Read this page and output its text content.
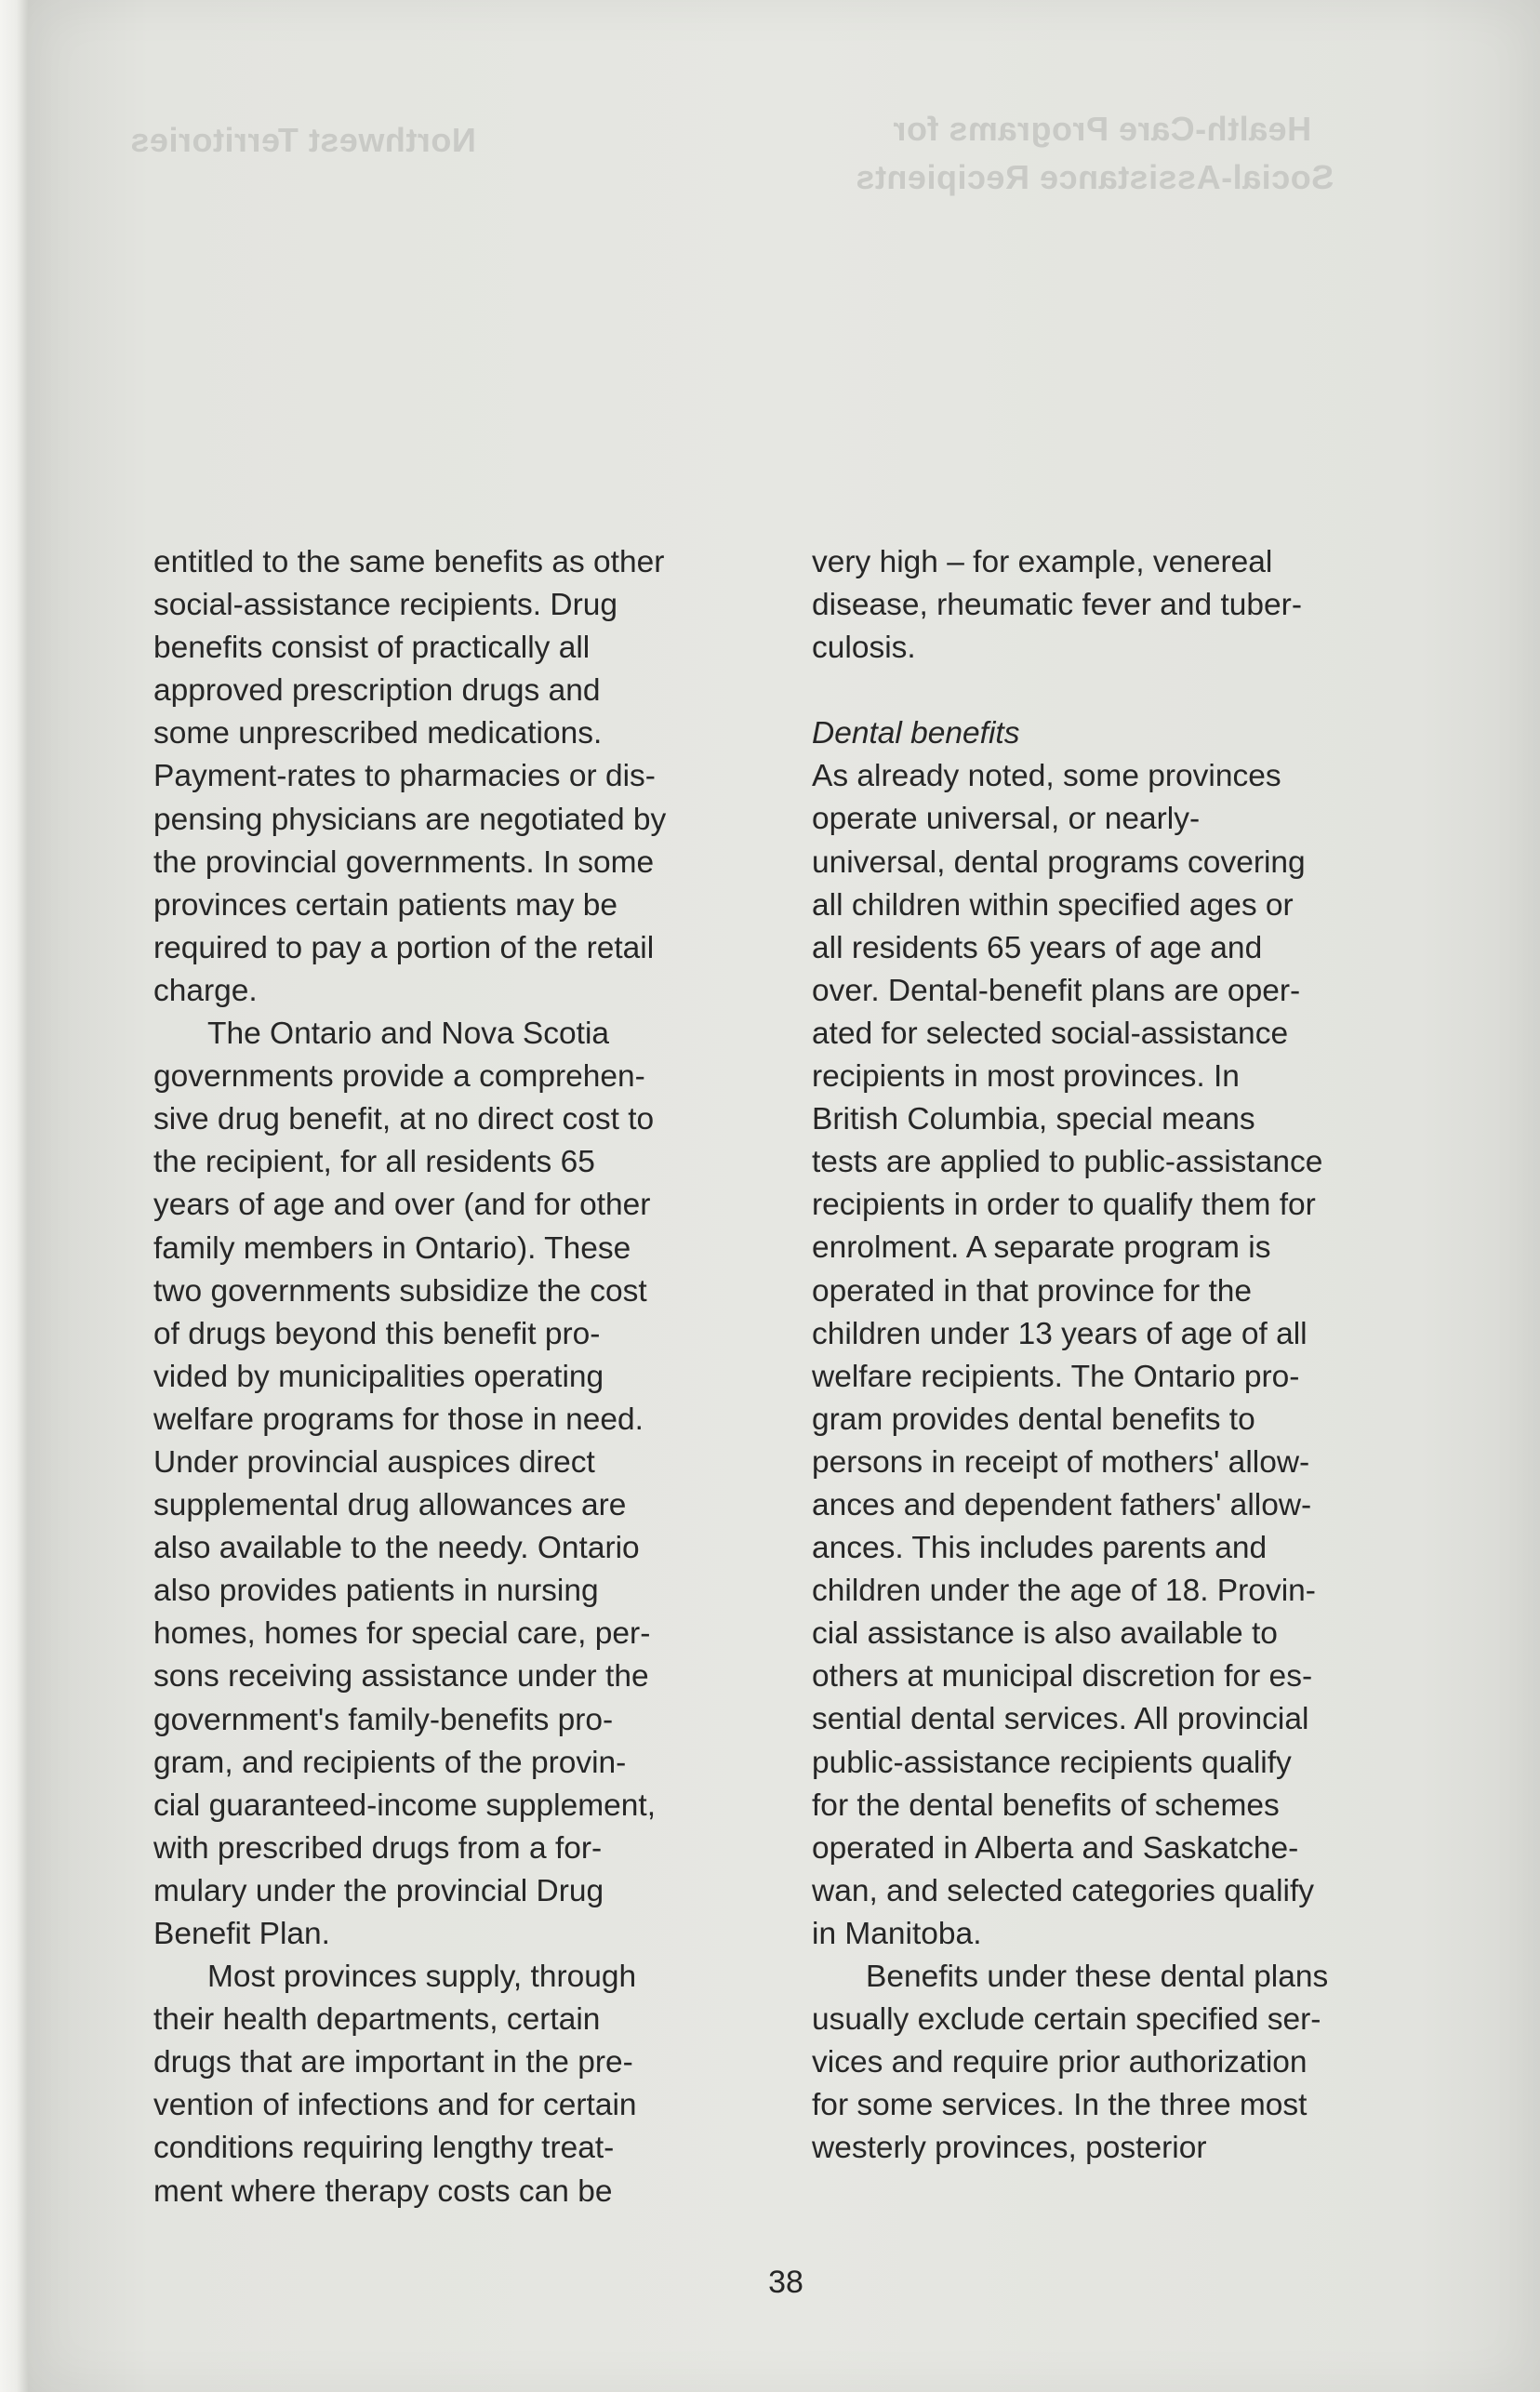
Northwest Territories	Health-Care Programs for
Social-Assistance Recipients
entitled to the same benefits as other
social-assistance recipients. Drug
benefits consist of practically all
approved prescription drugs and
some unprescribed medications.
Payment-rates to pharmacies or dis-
pensing physicians are negotiated by
the provincial governments. In some
provinces certain patients may be
required to pay a portion of the retail
charge.
The Ontario and Nova Scotia
governments provide a comprehen-
sive drug benefit, at no direct cost to
the recipient, for all residents 65
years of age and over (and for other
family members in Ontario). These
two governments subsidize the cost
of drugs beyond this benefit pro-
vided by municipalities operating
welfare programs for those in need.
Under provincial auspices direct
supplemental drug allowances are
also available to the needy. Ontario
also provides patients in nursing
homes, homes for special care, per-
sons receiving assistance under the
government's family-benefits pro-
gram, and recipients of the provin-
cial guaranteed-income supplement,
with prescribed drugs from a for-
mulary under the provincial Drug
Benefit Plan.
Most provinces supply, through
their health departments, certain
drugs that are important in the pre-
vention of infections and for certain
conditions requiring lengthy treat-
ment where therapy costs can be
very high – for example, venereal
disease, rheumatic fever and tuber-
culosis.
Dental benefits
As already noted, some provinces
operate universal, or nearly-
universal, dental programs covering
all children within specified ages or
all residents 65 years of age and
over. Dental-benefit plans are oper-
ated for selected social-assistance
recipients in most provinces. In
British Columbia, special means
tests are applied to public-assistance
recipients in order to qualify them for
enrolment. A separate program is
operated in that province for the
children under 13 years of age of all
welfare recipients. The Ontario pro-
gram provides dental benefits to
persons in receipt of mothers' allow-
ances and dependent fathers' allow-
ances. This includes parents and
children under the age of 18. Provin-
cial assistance is also available to
others at municipal discretion for es-
sential dental services. All provincial
public-assistance recipients qualify
for the dental benefits of schemes
operated in Alberta and Saskatche-
wan, and selected categories qualify
in Manitoba.
Benefits under these dental plans
usually exclude certain specified ser-
vices and require prior authorization
for some services. In the three most
westerly provinces, posterior
38
